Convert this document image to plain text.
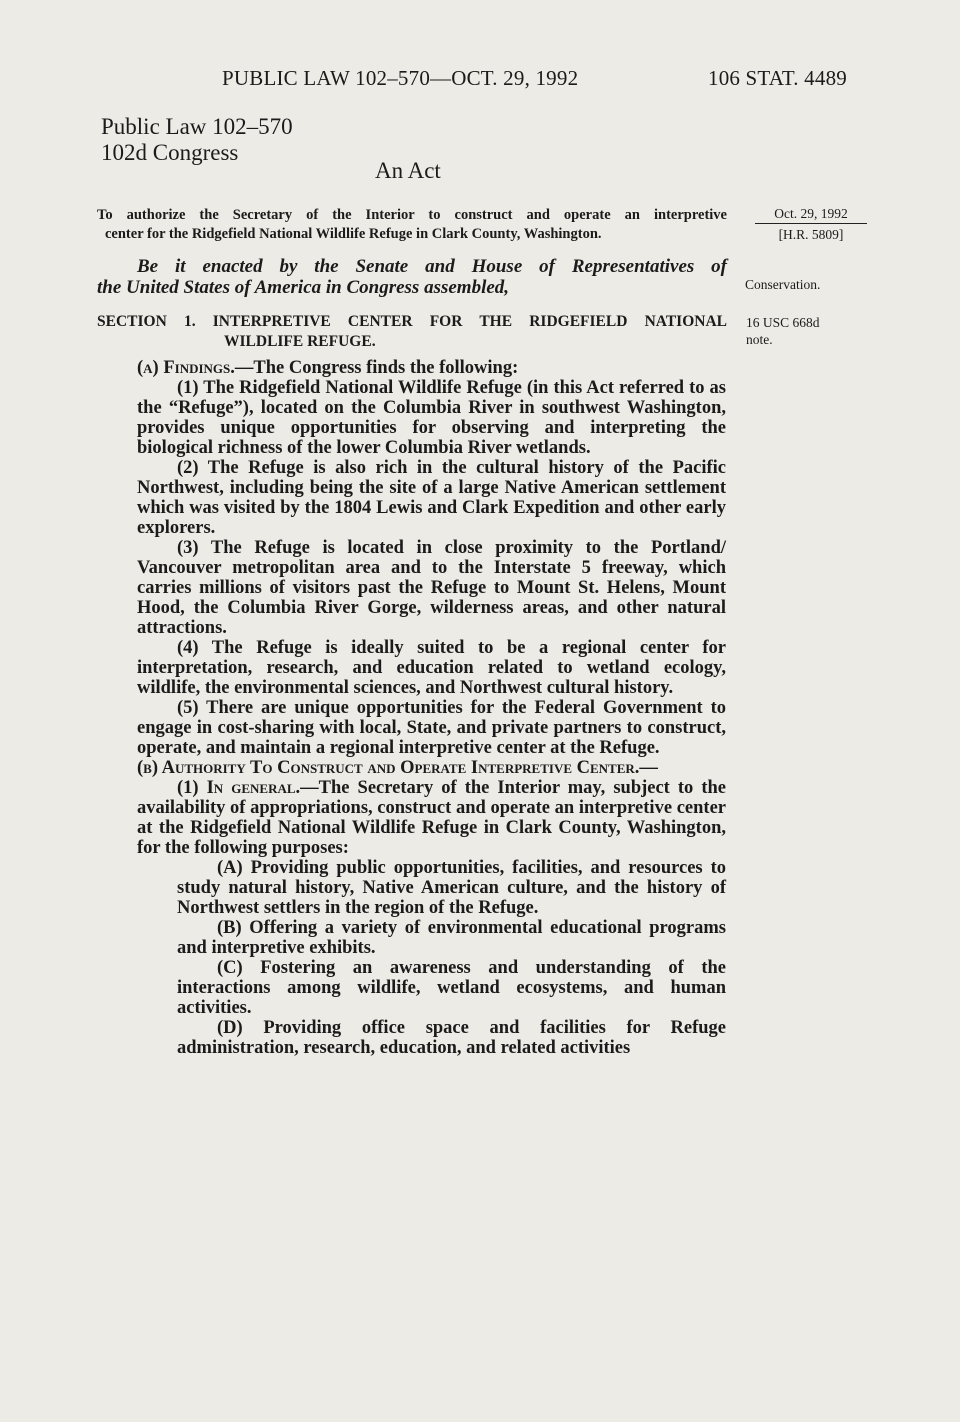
PUBLIC LAW 102–570—OCT. 29, 1992	106 STAT. 4489
Public Law 102–570
102d Congress
An Act
To authorize the Secretary of the Interior to construct and operate an interpretive
center for the Ridgefield National Wildlife Refuge in Clark County, Washington.
Oct. 29, 1992
[H.R. 5809]
Conservation.
16 USC 668d
note.
Be it enacted by the Senate and House of Representatives of
the United States of America in Congress assembled,
SECTION 1. INTERPRETIVE CENTER FOR THE RIDGEFIELD NATIONAL
WILDLIFE REFUGE.
(a) Findings.—The Congress finds the following:
(1) The Ridgefield National Wildlife Refuge (in this Act referred to as the “Refuge”), located on the Columbia River in southwest Washington, provides unique opportunities for observing and interpreting the biological richness of the lower Columbia River wetlands.
(2) The Refuge is also rich in the cultural history of the Pacific Northwest, including being the site of a large Native American settlement which was visited by the 1804 Lewis and Clark Expedition and other early explorers.
(3) The Refuge is located in close proximity to the Portland/ Vancouver metropolitan area and to the Interstate 5 freeway, which carries millions of visitors past the Refuge to Mount St. Helens, Mount Hood, the Columbia River Gorge, wilderness areas, and other natural attractions.
(4) The Refuge is ideally suited to be a regional center for interpretation, research, and education related to wetland ecology, wildlife, the environmental sciences, and Northwest cultural history.
(5) There are unique opportunities for the Federal Government to engage in cost-sharing with local, State, and private partners to construct, operate, and maintain a regional interpretive center at the Refuge.
(b) Authority To Construct and Operate Interpretive Center.—
(1) In general.—The Secretary of the Interior may, subject to the availability of appropriations, construct and operate an interpretive center at the Ridgefield National Wildlife Refuge in Clark County, Washington, for the following purposes:
(A) Providing public opportunities, facilities, and resources to study natural history, Native American culture, and the history of Northwest settlers in the region of the Refuge.
(B) Offering a variety of environmental educational programs and interpretive exhibits.
(C) Fostering an awareness and understanding of the interactions among wildlife, wetland ecosystems, and human activities.
(D) Providing office space and facilities for Refuge administration, research, education, and related activities
